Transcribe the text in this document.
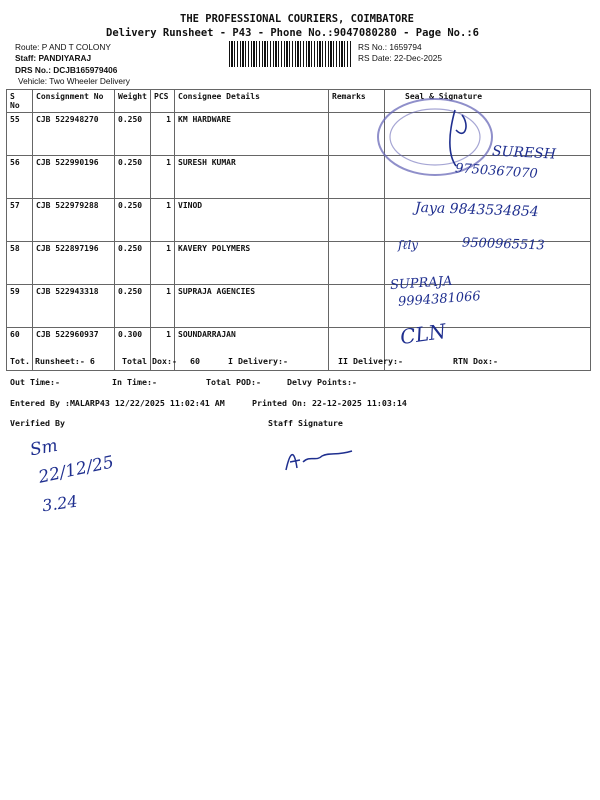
THE PROFESSIONAL COURIERS, COIMBATORE
Delivery Runsheet - P43 - Phone No.:9047080280 - Page No.:6
Route: P AND T COLONY
Staff: PANDIYARAJ
DRS No.: DCJB165979406
Vehicle: Two Wheeler Delivery
RS No.: 1659794
RS Date: 22-Dec-2025
S No	Consignment No	Weight	PCS	Consignee Details	Remarks	Seal & Signature
55	CJB 522948270	0.250	1	KM HARDWARE		
56	CJB 522990196	0.250	1	SURESH KUMAR		
57	CJB 522979288	0.250	1	VINOD		
58	CJB 522897196	0.250	1	KAVERY POLYMERS		
59	CJB 522943318	0.250	1	SUPRAJA AGENCIES		
60	CJB 522960937	0.300	1	SOUNDARRAJAN		
Tot. Runsheet:- 6	Total Dox:- 60	I Delivery:-	II Delivery:-	RTN Dox:-
Out Time:-	In Time:-	Total POD:-	Delvy Points:-
Entered By :MALARP43 12/22/2025 11:02:41 AM	Printed On: 22-12-2025 11:03:14
Verified By	Staff Signature
SURESH
9750367070
Jaya 9843534854
ſℓly	9500965513
SUPRAJA
9994381066
CLN
Sm
22/12/25
3.24
